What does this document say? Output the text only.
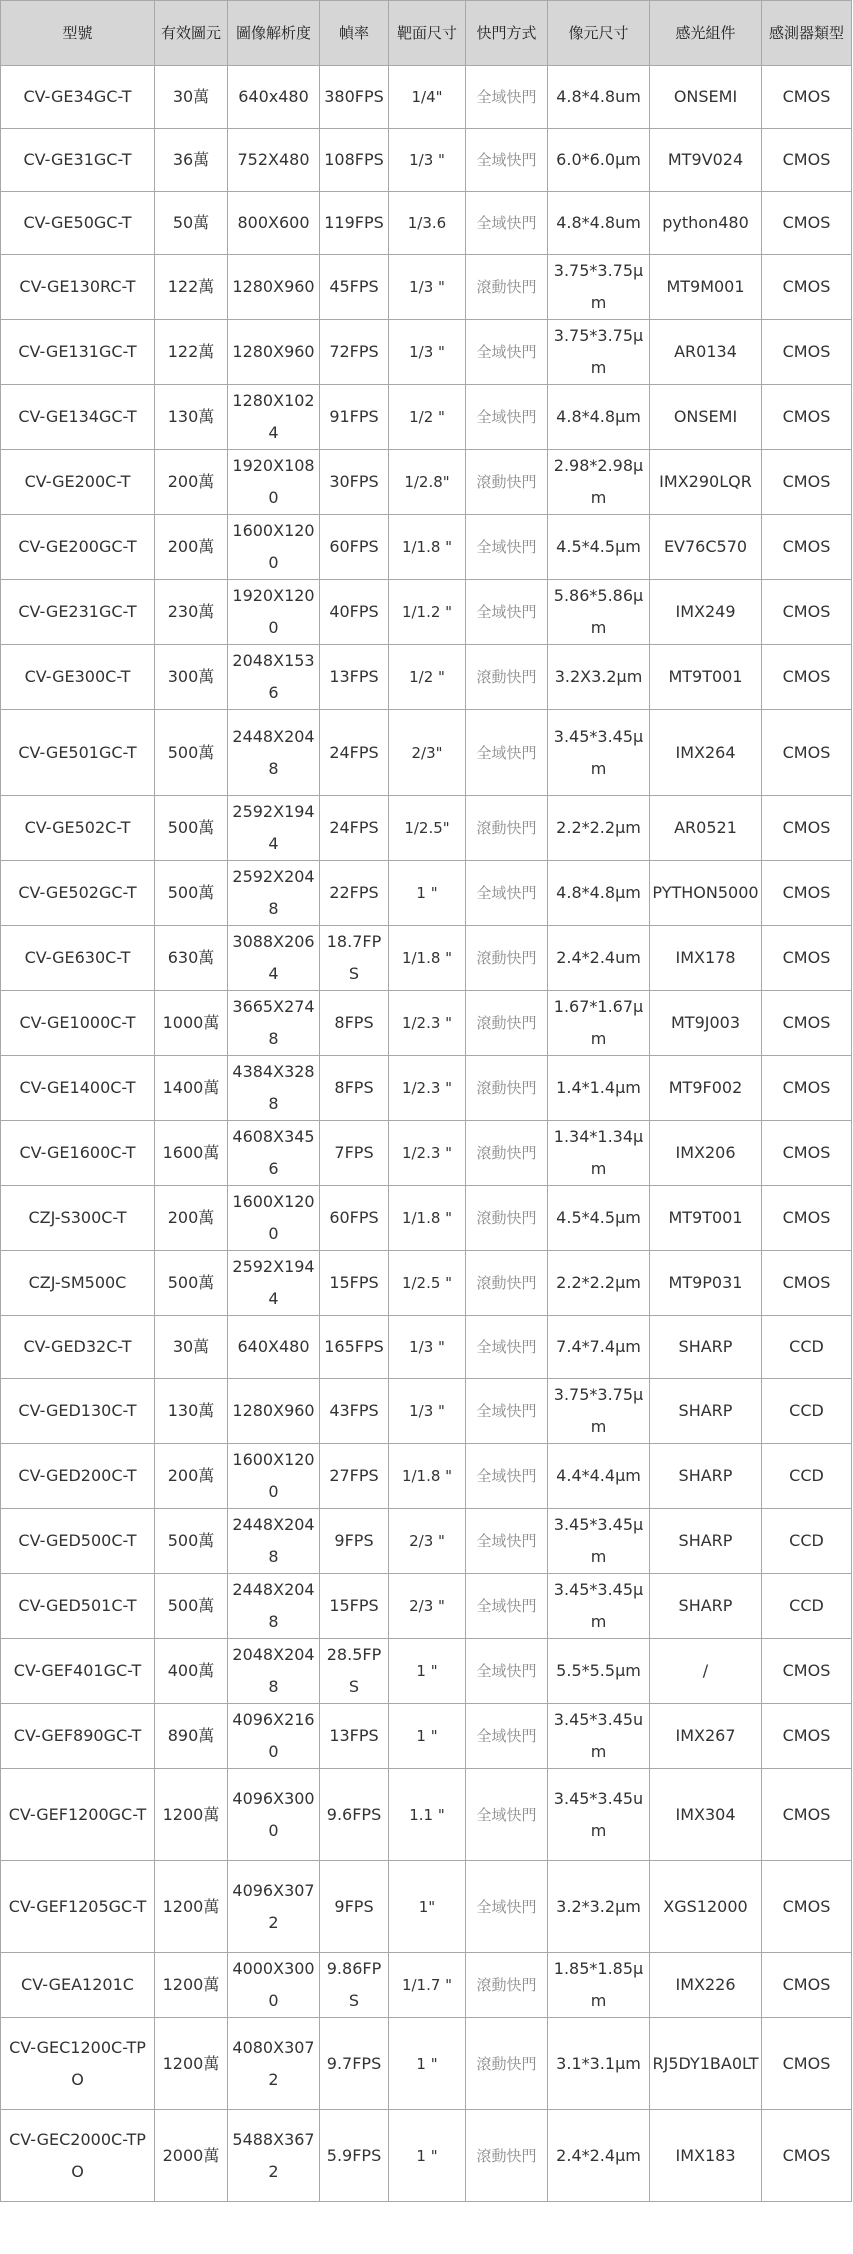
型號	有效圖元	圖像解析度	幀率	靶面尺寸	快門方式	像元尺寸	感光組件	感測器類型
CV-GE34GC-T	30萬	640x480	380FPS	1/4"	全域快門	4.8*4.8um	ONSEMI	CMOS
CV-GE31GC-T	36萬	752X480	108FPS	1/3 "	全域快門	6.0*6.0μm	MT9V024	CMOS
CV-GE50GC-T	50萬	800X600	119FPS	1/3.6	全域快門	4.8*4.8um	python480	CMOS
CV-GE130RC-T	122萬	1280X960	45FPS	1/3 "	滾動快門	3.75*3.75μm	MT9M001	CMOS
CV-GE131GC-T	122萬	1280X960	72FPS	1/3 "	全域快門	3.75*3.75μm	AR0134	CMOS
CV-GE134GC-T	130萬	1280X1024	91FPS	1/2 "	全域快門	4.8*4.8μm	ONSEMI	CMOS
CV-GE200C-T	200萬	1920X1080	30FPS	1/2.8"	滾動快門	2.98*2.98μm	IMX290LQR	CMOS
CV-GE200GC-T	200萬	1600X1200	60FPS	1/1.8 "	全域快門	4.5*4.5μm	EV76C570	CMOS
CV-GE231GC-T	230萬	1920X1200	40FPS	1/1.2 "	全域快門	5.86*5.86μm	IMX249	CMOS
CV-GE300C-T	300萬	2048X1536	13FPS	1/2 "	滾動快門	3.2X3.2μm	MT9T001	CMOS
CV-GE501GC-T	500萬	2448X2048	24FPS	2/3"	全域快門	3.45*3.45μm	IMX264	CMOS
CV-GE502C-T	500萬	2592X1944	24FPS	1/2.5"	滾動快門	2.2*2.2μm	AR0521	CMOS
CV-GE502GC-T	500萬	2592X2048	22FPS	1 "	全域快門	4.8*4.8μm	PYTHON5000	CMOS
CV-GE630C-T	630萬	3088X2064	18.7FPS	1/1.8 "	滾動快門	2.4*2.4um	IMX178	CMOS
CV-GE1000C-T	1000萬	3665X2748	8FPS	1/2.3 "	滾動快門	1.67*1.67μm	MT9J003	CMOS
CV-GE1400C-T	1400萬	4384X3288	8FPS	1/2.3 "	滾動快門	1.4*1.4μm	MT9F002	CMOS
CV-GE1600C-T	1600萬	4608X3456	7FPS	1/2.3 "	滾動快門	1.34*1.34μm	IMX206	CMOS
CZJ-S300C-T	200萬	1600X1200	60FPS	1/1.8 "	滾動快門	4.5*4.5μm	MT9T001	CMOS
CZJ-SM500C	500萬	2592X1944	15FPS	1/2.5 "	滾動快門	2.2*2.2μm	MT9P031	CMOS
CV-GED32C-T	30萬	640X480	165FPS	1/3 "	全域快門	7.4*7.4μm	SHARP	CCD
CV-GED130C-T	130萬	1280X960	43FPS	1/3 "	全域快門	3.75*3.75μm	SHARP	CCD
CV-GED200C-T	200萬	1600X1200	27FPS	1/1.8 "	全域快門	4.4*4.4μm	SHARP	CCD
CV-GED500C-T	500萬	2448X2048	9FPS	2/3 "	全域快門	3.45*3.45μm	SHARP	CCD
CV-GED501C-T	500萬	2448X2048	15FPS	2/3 "	全域快門	3.45*3.45μm	SHARP	CCD
CV-GEF401GC-T	400萬	2048X2048	28.5FPS	1 "	全域快門	5.5*5.5μm	/	CMOS
CV-GEF890GC-T	890萬	4096X2160	13FPS	1 "	全域快門	3.45*3.45um	IMX267	CMOS
CV-GEF1200GC-T	1200萬	4096X3000	9.6FPS	1.1 "	全域快門	3.45*3.45um	IMX304	CMOS
CV-GEF1205GC-T	1200萬	4096X3072	9FPS	1"	全域快門	3.2*3.2μm	XGS12000	CMOS
CV-GEA1201C	1200萬	4000X3000	9.86FPS	1/1.7 "	滾動快門	1.85*1.85μm	IMX226	CMOS
CV-GEC1200C-TPO	1200萬	4080X3072	9.7FPS	1 "	滾動快門	3.1*3.1μm	RJ5DY1BA0LT	CMOS
CV-GEC2000C-TPO	2000萬	5488X3672	5.9FPS	1 "	滾動快門	2.4*2.4μm	IMX183	CMOS
